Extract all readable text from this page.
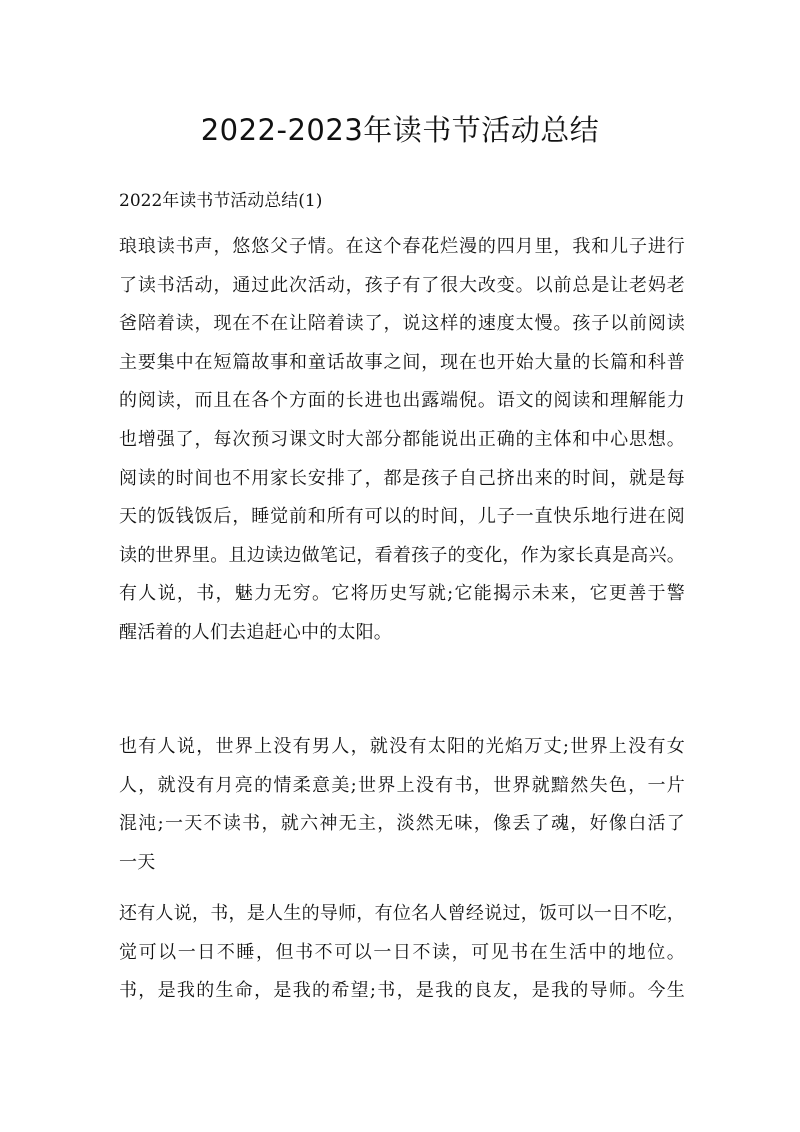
2022-2023年读书节活动总结

2022年读书节活动总结(1)

琅琅读书声，悠悠父子情。在这个春花烂漫的四月里，我和儿子进行
了读书活动，通过此次活动，孩子有了很大改变。以前总是让老妈老
爸陪着读，现在不在让陪着读了，说这样的速度太慢。孩子以前阅读
主要集中在短篇故事和童话故事之间，现在也开始大量的长篇和科普
的阅读，而且在各个方面的长进也出露端倪。语文的阅读和理解能力
也增强了，每次预习课文时大部分都能说出正确的主体和中心思想。
阅读的时间也不用家长安排了，都是孩子自己挤出来的时间，就是每
天的饭钱饭后，睡觉前和所有可以的时间，儿子一直快乐地行进在阅
读的世界里。且边读边做笔记，看着孩子的变化，作为家长真是高兴。
有人说，书，魅力无穷。它将历史写就;它能揭示未来，它更善于警
醒活着的人们去追赶心中的太阳。
也有人说，世界上没有男人，就没有太阳的光焰万丈;世界上没有女
人，就没有月亮的情柔意美;世界上没有书，世界就黯然失色，一片
混沌;一天不读书，就六神无主，淡然无味，像丢了魂，好像白活了
一天
还有人说，书，是人生的导师，有位名人曾经说过，饭可以一日不吃，
觉可以一日不睡，但书不可以一日不读，可见书在生活中的地位。
书，是我的生命，是我的希望;书，是我的良友，是我的导师。今生
